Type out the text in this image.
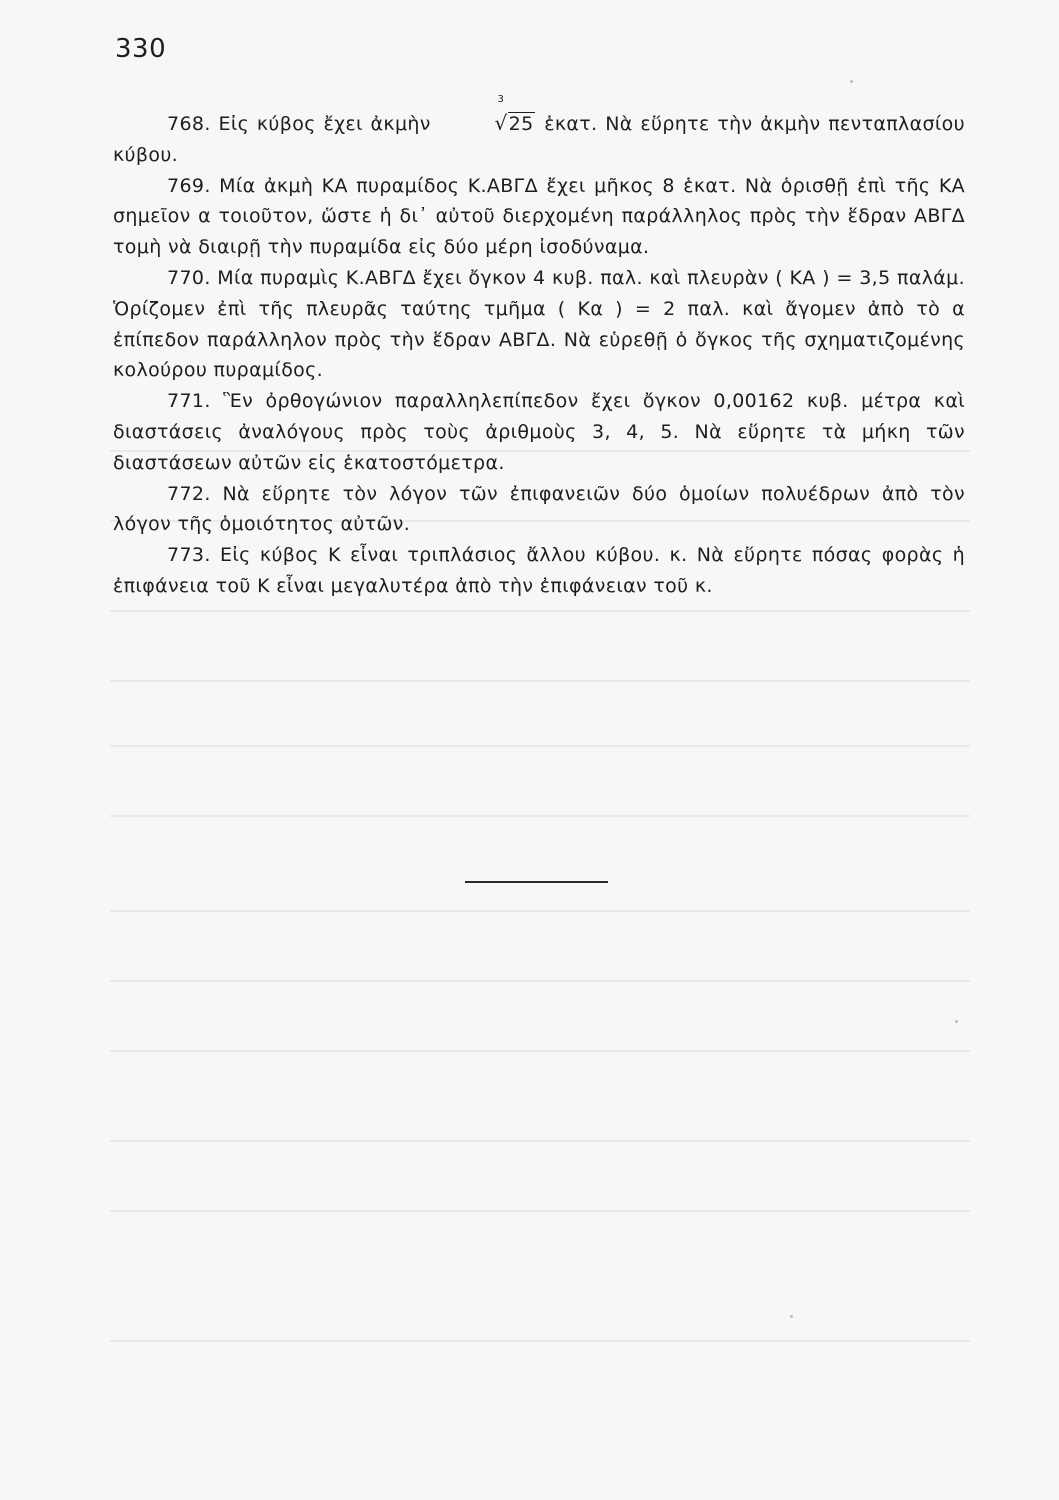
330

768. Εἰς κύβος ἔχει ἀκμὴν
3
√25 ἑκατ. Νὰ εὕρητε τὴν ἀκμὴν πενταπλασίου κύβου.

769. Μία ἀκμὴ ΚΑ πυραμίδος Κ.ΑΒΓΔ ἔχει μῆκος 8 ἑκατ. Νὰ ὁρισθῇ ἐπὶ τῆς ΚΑ σημεῖον α τοιοῦτον, ὥστε ἡ δι᾽ αὐτοῦ διερχομένη παράλληλος πρὸς τὴν ἕδραν ΑΒΓΔ τομὴ νὰ διαιρῇ τὴν πυραμίδα εἰς δύο μέρη ἰσοδύναμα.

770. Μία πυραμὶς Κ.ΑΒΓΔ ἔχει ὄγκον 4 κυβ. παλ. καὶ πλευρὰν ( ΚΑ ) = 3,5 παλάμ. Ὁρίζομεν ἐπὶ τῆς πλευρᾶς ταύτης τμῆμα ( Κα ) = 2 παλ. καὶ ἄγομεν ἀπὸ τὸ α ἐπίπεδον παράλληλον πρὸς τὴν ἕδραν ΑΒΓΔ. Νὰ εὑρεθῇ ὁ ὄγκος τῆς σχηματιζομένης κολούρου πυραμίδος.

771. Ἓν ὀρθογώνιον παραλληλεπίπεδον ἔχει ὄγκον 0,00162 κυβ. μέτρα καὶ διαστάσεις ἀναλόγους πρὸς τοὺς ἀριθμοὺς 3, 4, 5. Νὰ εὕρητε τὰ μήκη τῶν διαστάσεων αὐτῶν εἰς ἑκατοστόμετρα.

772. Νὰ εὕρητε τὸν λόγον τῶν ἐπιφανειῶν δύο ὁμοίων πολυέδρων ἀπὸ τὸν λόγον τῆς ὁμοιότητος αὐτῶν.

773. Εἰς κύβος Κ εἶναι τριπλάσιος ἄλλου κύβου. κ. Νὰ εὕρητε πόσας φορὰς ἡ ἐπιφάνεια τοῦ Κ εἶναι μεγαλυτέρα ἀπὸ τὴν ἐπιφάνειαν τοῦ κ.
